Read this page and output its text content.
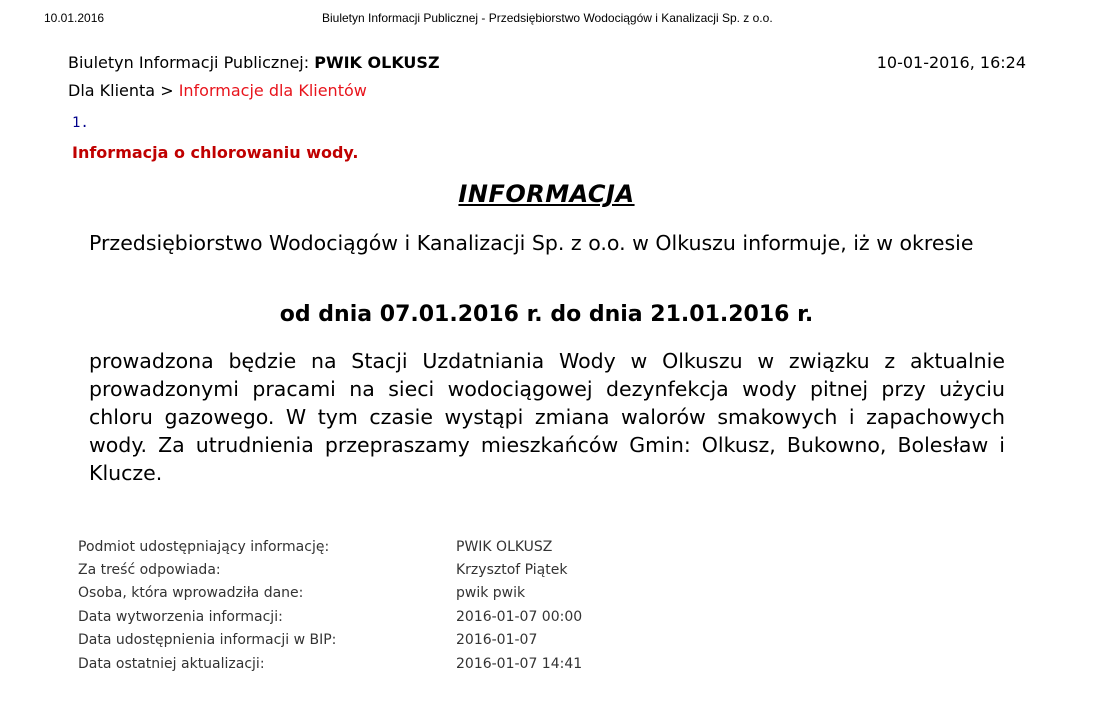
10.01.2016	Biuletyn Informacji Publicznej - Przedsiębiorstwo Wodociągów i Kanalizacji Sp. z o.o.
Biuletyn Informacji Publicznej: PWIK OLKUSZ	10-01-2016, 16:24
Dla Klienta > Informacje dla Klientów
1.
Informacja o chlorowaniu wody.
INFORMACJA

Przedsiębiorstwo Wodociągów i Kanalizacji Sp. z o.o. w Olkuszu informuje, iż w okresie

od dnia 07.01.2016 r. do dnia 21.01.2016 r.

prowadzona będzie na Stacji Uzdatniania Wody w Olkuszu w związku z aktualnie prowadzonymi pracami na sieci wodociągowej dezynfekcja wody pitnej przy użyciu chloru gazowego. W tym czasie wystąpi zmiana walorów smakowych i zapachowych wody. Za utrudnienia przepraszamy mieszkańców Gmin: Olkusz, Bukowno, Bolesław i Klucze.

Podmiot udostępniający informację:	PWIK OLKUSZ
Za treść odpowiada:	Krzysztof Piątek
Osoba, która wprowadziła dane:	pwik pwik
Data wytworzenia informacji:	2016-01-07 00:00
Data udostępnienia informacji w BIP:	2016-01-07
Data ostatniej aktualizacji:	2016-01-07 14:41
